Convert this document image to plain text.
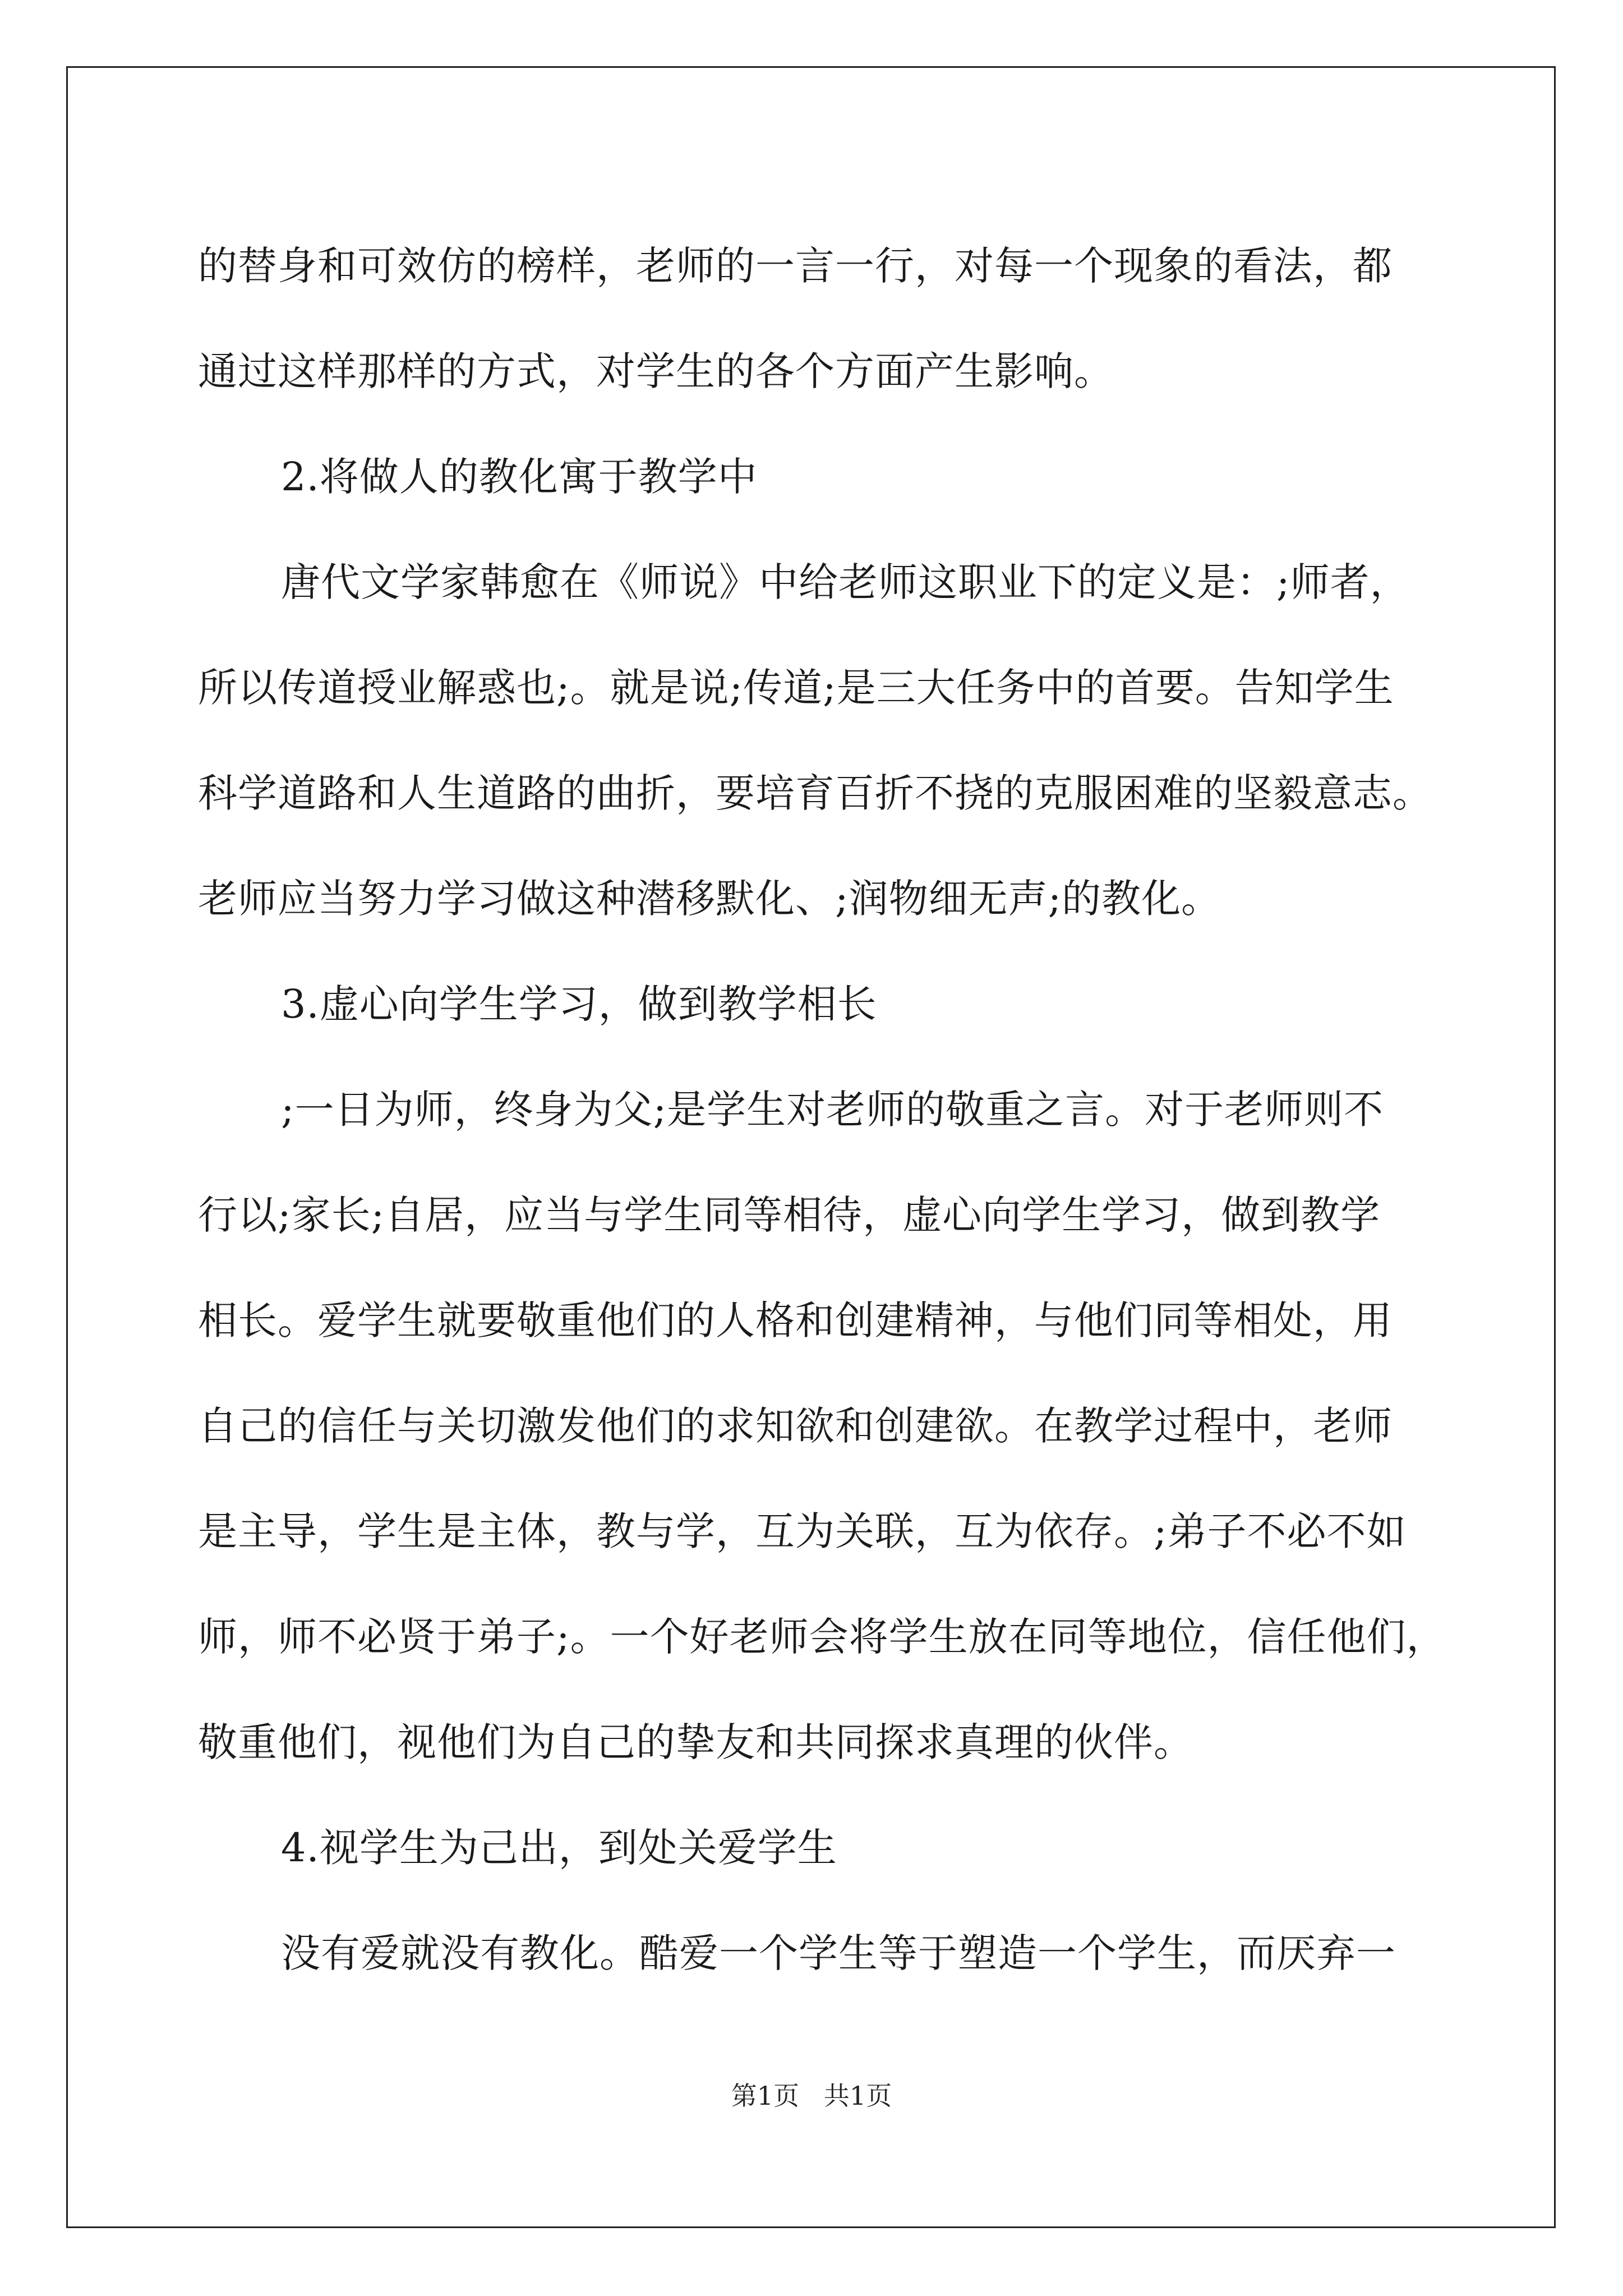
的替身和可效仿的榜样，老师的一言一行，对每一个现象的看法，都
通过这样那样的方式，对学生的各个方面产生影响。
2.将做人的教化寓于教学中
唐代文学家韩愈在《师说》中给老师这职业下的定义是：;师者，
所以传道授业解惑也;。就是说;传道;是三大任务中的首要。告知学生
科学道路和人生道路的曲折，要培育百折不挠的克服困难的坚毅意志。
老师应当努力学习做这种潜移默化、;润物细无声;的教化。
3.虚心向学生学习，做到教学相长
;一日为师，终身为父;是学生对老师的敬重之言。对于老师则不
行以;家长;自居，应当与学生同等相待，虚心向学生学习，做到教学
相长。爱学生就要敬重他们的人格和创建精神，与他们同等相处，用
自己的信任与关切激发他们的求知欲和创建欲。在教学过程中，老师
是主导，学生是主体，教与学，互为关联，互为依存。;弟子不必不如
师，师不必贤于弟子;。一个好老师会将学生放在同等地位，信任他们，
敬重他们，视他们为自己的挚友和共同探求真理的伙伴。
4.视学生为己出，到处关爱学生
没有爱就没有教化。酷爱一个学生等于塑造一个学生，而厌弃一
第1页   共1页
